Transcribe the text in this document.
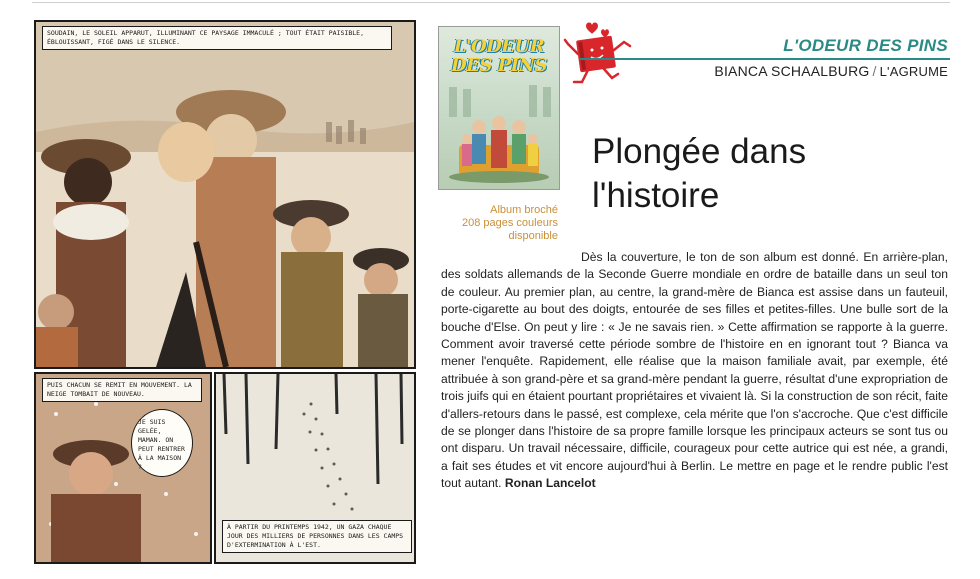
SOUDAIN, LE SOLEIL APPARUT, ILLUMINANT CE PAYSAGE IMMACULÉ ; TOUT ÉTAIT PAISIBLE, ÉBLOUISSANT, FIGÉ DANS LE SILENCE.
PUIS CHACUN SE REMIT EN MOUVEMENT. LA NEIGE TOMBAIT DE NOUVEAU.
JE SUIS GELÉE, MAMAN. ON PEUT RENTRER À LA MAISON ?
À PARTIR DU PRINTEMPS 1942, UN GAZA CHAQUE JOUR DES MILLIERS DE PERSONNES DANS LES CAMPS D'EXTERMINATION À L'EST.
L'ODEUR
DES PINS
Album broché
208 pages couleurs
disponible
L'ODEUR DES PINS
BIANCA SCHAALBURG / L'AGRUME
Plongée dans
l'histoire
Dès la couverture, le ton de son album est donné. En arrière-plan, des soldats allemands de la Seconde Guerre mondiale en ordre de bataille dans un seul ton de couleur. Au premier plan, au centre, la grand-mère de Bianca est assise dans un fauteuil, porte-cigarette au bout des doigts, entourée de ses filles et petites-filles. Une bulle sort de la bouche d'Else. On peut y lire : « Je ne savais rien. » Cette affirmation se rapporte à la guerre. Comment avoir traversé cette période sombre de l'histoire en en ignorant tout ? Bianca va mener l'enquête. Rapidement, elle réalise que la maison familiale avait, par exemple, été attribuée à son grand-père et sa grand-mère pendant la guerre, résultat d'une expropriation de trois juifs qui en étaient pourtant propriétaires et vivaient là. Si la construction de son récit, faite d'allers-retours dans le passé, est complexe, cela mérite que l'on s'accroche. Que c'est difficile de se plonger dans l'histoire de sa propre famille lorsque les principaux acteurs se sont tus ou ont disparu. Un travail nécessaire, difficile, courageux pour cette autrice qui est née, a grandi, a fait ses études et vit encore aujourd'hui à Berlin. Le mettre en page et le rendre public l'est tout autant. Ronan Lancelot
